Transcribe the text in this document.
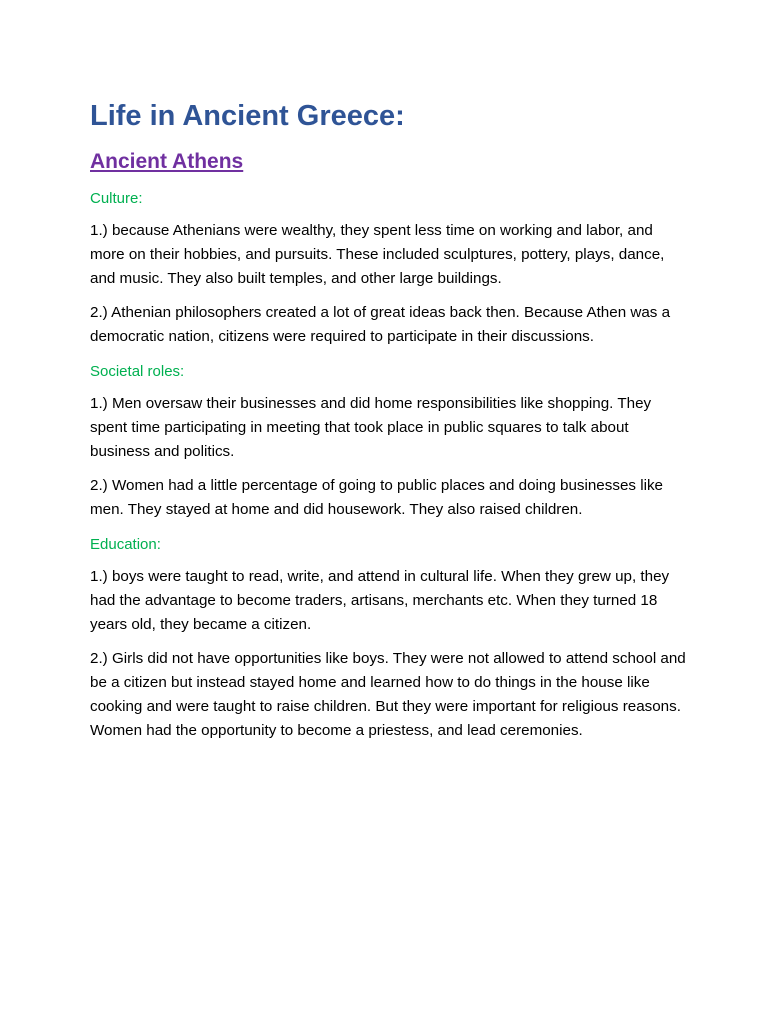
Life in Ancient Greece:
Ancient Athens
Culture:

1.) because Athenians were wealthy, they spent less time on working and labor, and more on their hobbies, and pursuits. These included sculptures, pottery, plays, dance, and music. They also built temples, and other large buildings.

2.) Athenian philosophers created a lot of great ideas back then. Because Athen was a democratic nation, citizens were required to participate in their discussions.

Societal roles:

1.) Men oversaw their businesses and did home responsibilities like shopping. They spent time participating in meeting that took place in public squares to talk about business and politics.

2.) Women had a little percentage of going to public places and doing businesses like men. They stayed at home and did housework. They also raised children.

Education:

1.) boys were taught to read, write, and attend in cultural life. When they grew up, they had the advantage to become traders, artisans, merchants etc. When they turned 18 years old, they became a citizen.

2.) Girls did not have opportunities like boys. They were not allowed to attend school and be a citizen but instead stayed home and learned how to do things in the house like cooking and were taught to raise children. But they were important for religious reasons. Women had the opportunity to become a priestess, and lead ceremonies.
